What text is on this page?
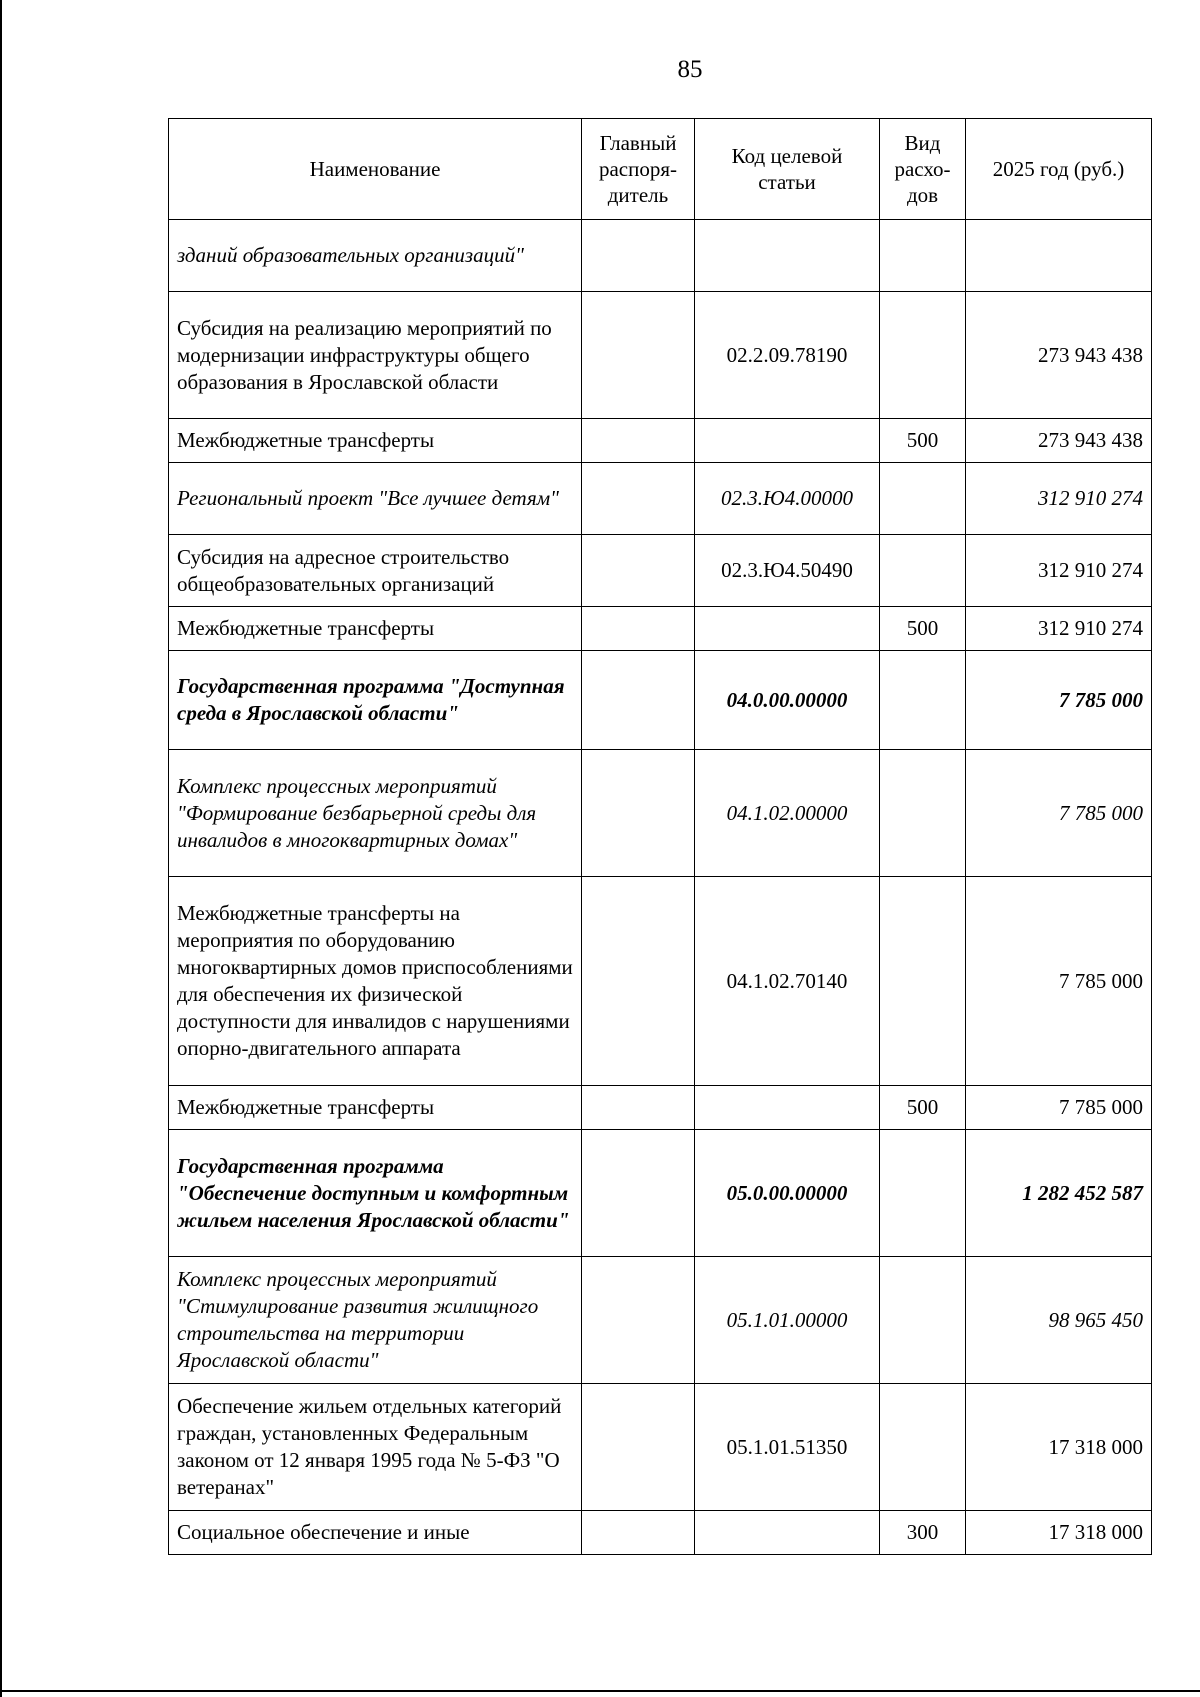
85
Наименование	Главный распоря-дитель	Код целевой статьи	Вид расхо-дов	2025 год (руб.)
зданий образовательных организаций"				
Субсидия на реализацию мероприятий по модернизации инфраструктуры общего образования в Ярославской области		02.2.09.78190		273 943 438
Межбюджетные трансферты			500	273 943 438
Региональный проект "Все лучшее детям"		02.3.Ю4.00000		312 910 274
Субсидия на адресное строительство общеобразовательных организаций		02.3.Ю4.50490		312 910 274
Межбюджетные трансферты			500	312 910 274
Государственная программа "Доступная среда в Ярославской области"		04.0.00.00000		7 785 000
Комплекс процессных мероприятий "Формирование безбарьерной среды для инвалидов в многоквартирных домах"		04.1.02.00000		7 785 000
Межбюджетные трансферты на мероприятия по оборудованию многоквартирных домов приспособлениями для обеспечения их физической доступности для инвалидов с нарушениями опорно-двигательного аппарата		04.1.02.70140		7 785 000
Межбюджетные трансферты			500	7 785 000
Государственная программа "Обеспечение доступным и комфортным жильем населения Ярославской области"		05.0.00.00000		1 282 452 587
Комплекс процессных мероприятий "Стимулирование развития жилищного строительства на территории Ярославской области"		05.1.01.00000		98 965 450
Обеспечение жильем отдельных категорий граждан, установленных Федеральным законом от 12 января 1995 года № 5-ФЗ "О ветеранах"		05.1.01.51350		17 318 000
Социальное обеспечение и иные			300	17 318 000
